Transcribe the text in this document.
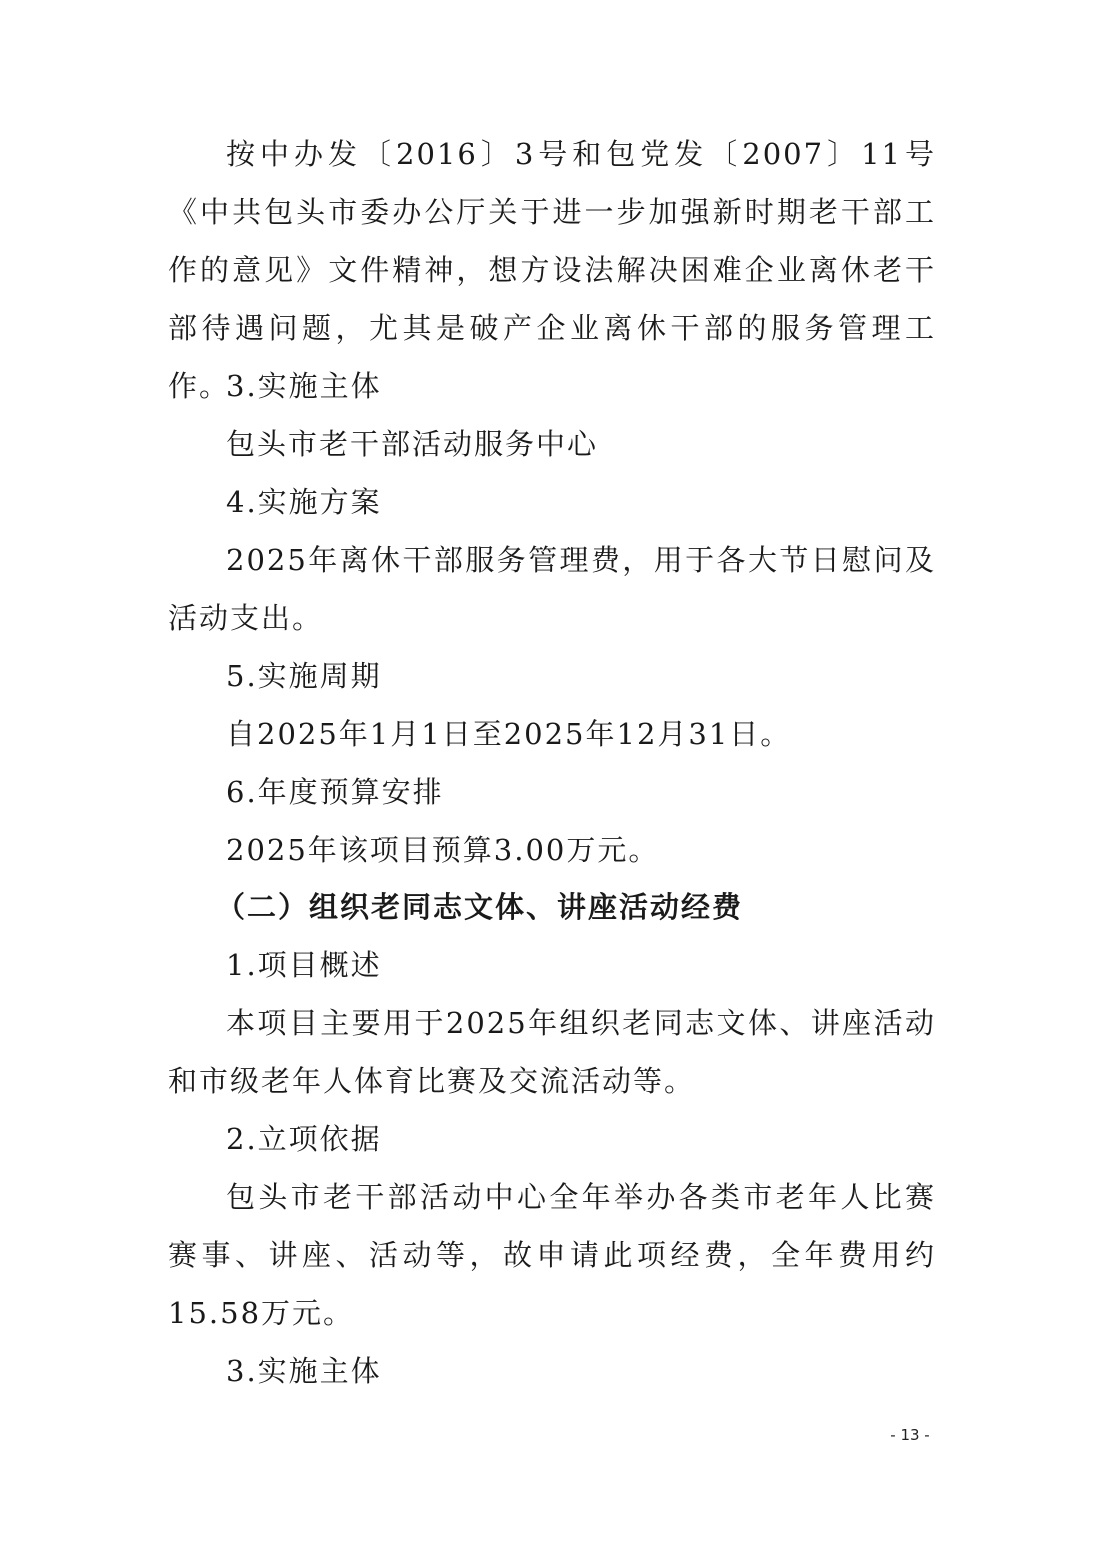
按中办发〔2016〕3号和包党发〔2007〕11号《中共包头市委办公厅关于进一步加强新时期老干部工作的意见》文件精神，想方设法解决困难企业离休老干部待遇问题，尤其是破产企业离休干部的服务管理工作。

3.实施主体

包头市老干部活动服务中心

4.实施方案

2025年离休干部服务管理费，用于各大节日慰问及活动支出。

5.实施周期

自2025年1月1日至2025年12月31日。

6.年度预算安排

2025年该项目预算3.00万元。

（二）组织老同志文体、讲座活动经费

1.项目概述

本项目主要用于2025年组织老同志文体、讲座活动和市级老年人体育比赛及交流活动等。

2.立项依据

包头市老干部活动中心全年举办各类市老年人比赛赛事、讲座、活动等，故申请此项经费，全年费用约15.58万元。

3.实施主体

- 13 -
